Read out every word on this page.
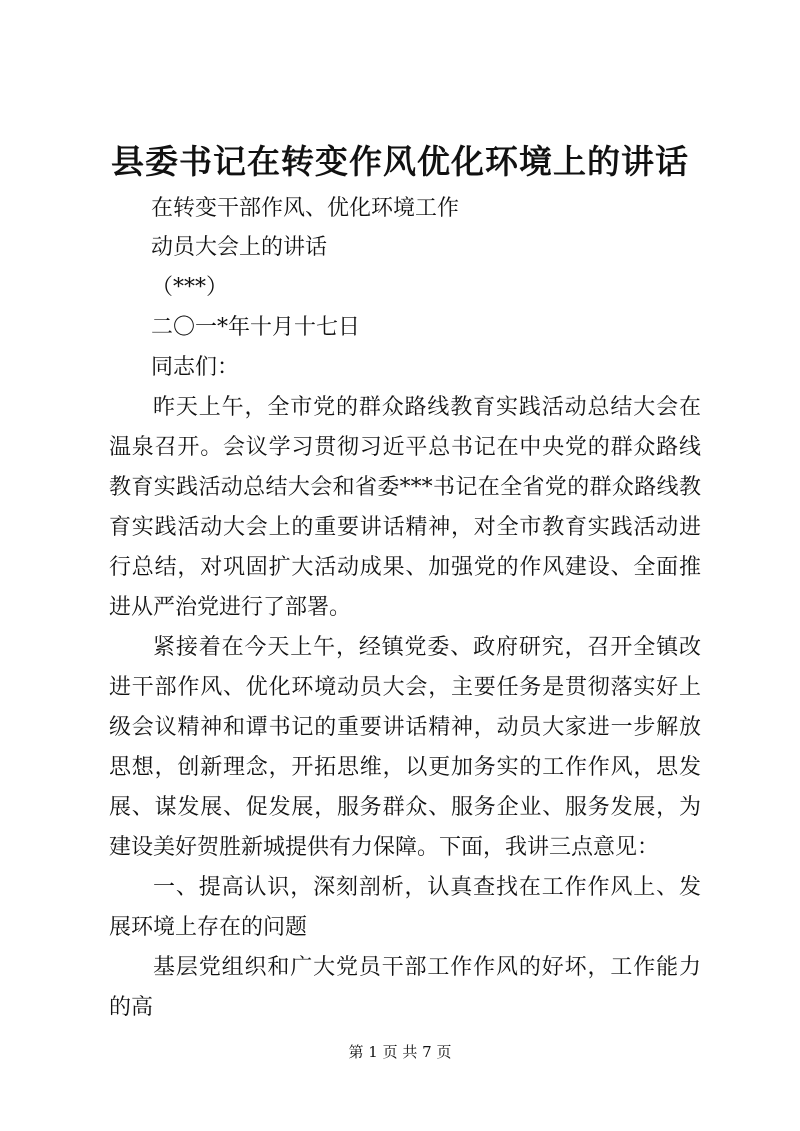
县委书记在转变作风优化环境上的讲话
在转变干部作风、优化环境工作
动员大会上的讲话
（***）
二〇一*年十月十七日
同志们：
昨天上午，全市党的群众路线教育实践活动总结大会在温泉召开。会议学习贯彻习近平总书记在中央党的群众路线教育实践活动总结大会和省委***书记在全省党的群众路线教育实践活动大会上的重要讲话精神，对全市教育实践活动进行总结，对巩固扩大活动成果、加强党的作风建设、全面推进从严治党进行了部署。
紧接着在今天上午，经镇党委、政府研究，召开全镇改进干部作风、优化环境动员大会，主要任务是贯彻落实好上级会议精神和谭书记的重要讲话精神，动员大家进一步解放思想，创新理念，开拓思维，以更加务实的工作作风，思发展、谋发展、促发展，服务群众、服务企业、服务发展，为建设美好贺胜新城提供有力保障。下面，我讲三点意见：
一、提高认识，深刻剖析，认真查找在工作作风上、发展环境上存在的问题
基层党组织和广大党员干部工作作风的好坏，工作能力的高
第 1 页 共 7 页
